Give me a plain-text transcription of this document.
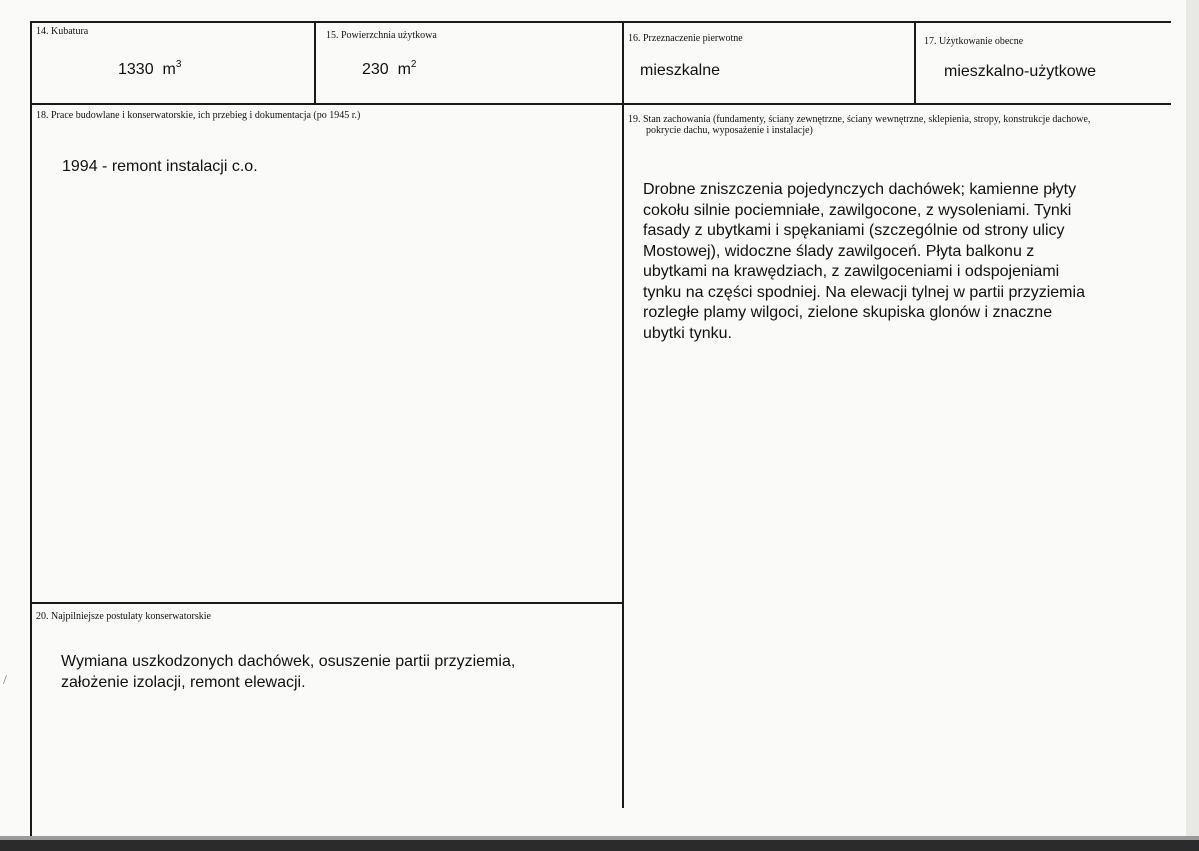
14. Kubatura
1330 $m^3$
15. Powierzchnia użytkowa
230 $m^2$
16. Przeznaczenie pierwotne
mieszkalne
17. Użytkowanie obecne
mieszkalno-użytkowe
18. Prace budowlane i konserwatorskie, ich przebieg i dokumentacja (po 1945 r.)
1994 - remont instalacji c.o.
19. Stan zachowania (fundamenty, ściany zewnętrzne, ściany wewnętrzne, sklepienia, stropy, konstrukcje dachowe,
pokrycie dachu, wyposażenie i instalacje)
Drobne zniszczenia pojedynczych dachówek; kamienne płyty
cokołu silnie pociemniałe, zawilgocone, z wysoleniami. Tynki
fasady z ubytkami i spękaniami (szczególnie od strony ulicy
Mostowej), widoczne ślady zawilgoceń. Płyta balkonu z
ubytkami na krawędziach, z zawilgoceniami i odspojeniami
tynku na części spodniej. Na elewacji tylnej w partii przyziemia
rozległe plamy wilgoci, zielone skupiska glonów i znaczne
ubytki tynku.
20. Najpilniejsze postulaty konserwatorskie
Wymiana uszkodzonych dachówek, osuszenie partii przyziemia,
założenie izolacji, remont elewacji.
/
